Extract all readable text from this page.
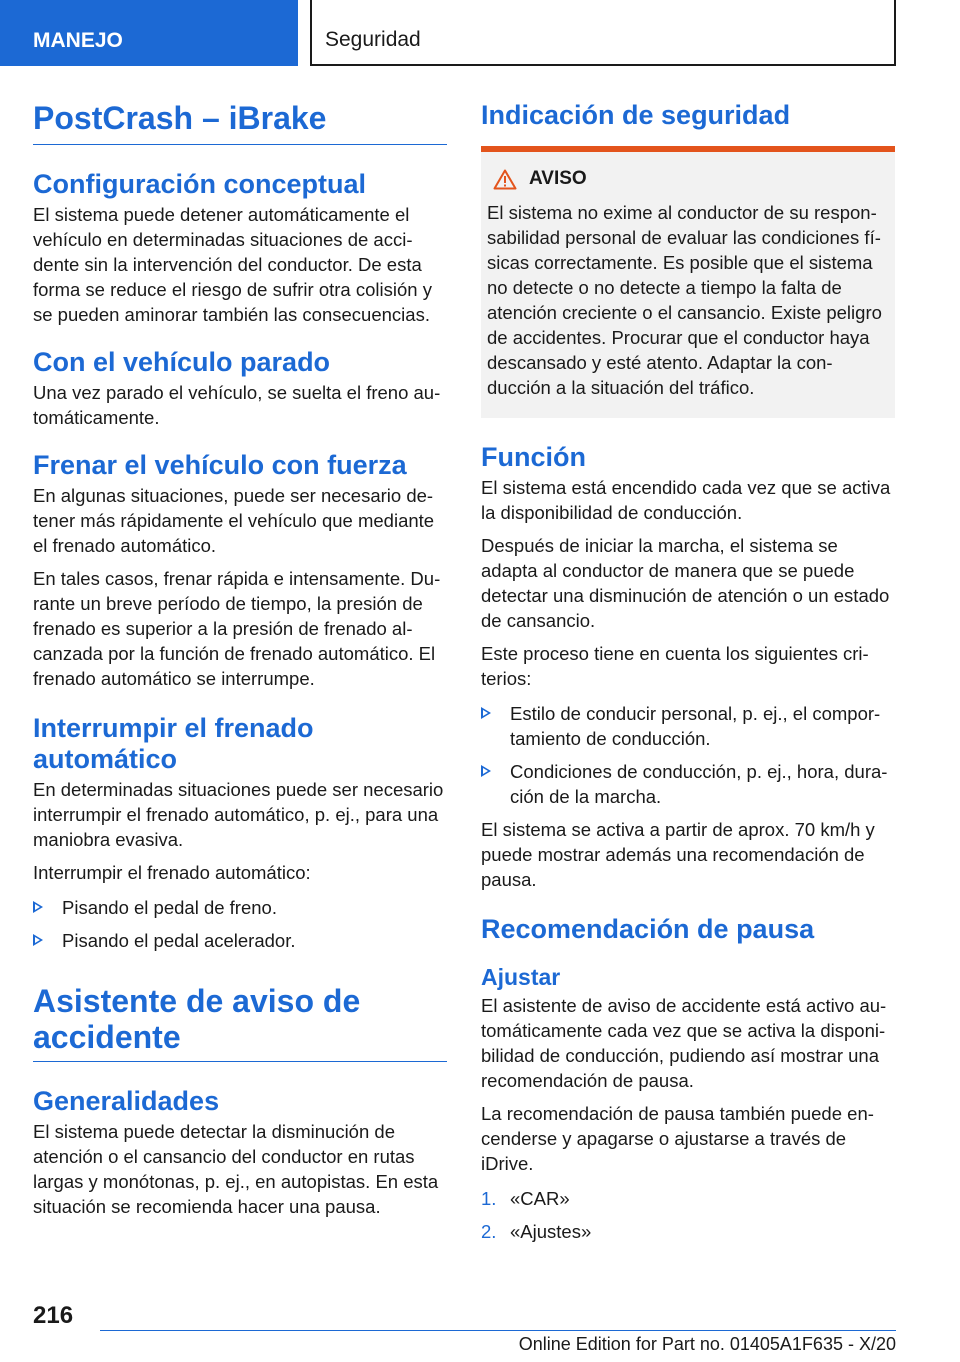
MANEJO	Seguridad
PostCrash – iBrake
Configuración conceptual

El sistema puede detener automáticamente el vehículo en determinadas situaciones de accidente sin la intervención del conductor. De esta forma se reduce el riesgo de sufrir otra colisión y se pueden aminorar también las consecuencias.

Con el vehículo parado

Una vez parado el vehículo, se suelta el freno automáticamente.

Frenar el vehículo con fuerza

En algunas situaciones, puede ser necesario detener más rápidamente el vehículo que mediante el frenado automático.

En tales casos, frenar rápida e intensamente. Durante un breve período de tiempo, la presión de frenado es superior a la presión de frenado alcanzada por la función de frenado automático. El frenado automático se interrumpe.

Interrumpir el frenado automático

En determinadas situaciones puede ser necesario interrumpir el frenado automático, p. ej., para una maniobra evasiva.

Interrumpir el frenado automático:

Pisando el pedal de freno.
Pisando el pedal acelerador.
Asistente de aviso de accidente
Generalidades

El sistema puede detectar la disminución de atención o el cansancio del conductor en rutas largas y monótonas, p. ej., en autopistas. En esta situación se recomienda hacer una pausa.

Indicación de seguridad
AVISO

El sistema no exime al conductor de su responsabilidad personal de evaluar las condiciones físicas correctamente. Es posible que el sistema no detecte o no detecte a tiempo la falta de atención creciente o el cansancio. Existe peligro de accidentes. Procurar que el conductor haya descansado y esté atento. Adaptar la conducción a la situación del tráfico.

Función

El sistema está encendido cada vez que se activa la disponibilidad de conducción.

Después de iniciar la marcha, el sistema se adapta al conductor de manera que se puede detectar una disminución de atención o un estado de cansancio.

Este proceso tiene en cuenta los siguientes criterios:

Estilo de conducir personal, p. ej., el comportamiento de conducción.
Condiciones de conducción, p. ej., hora, duración de la marcha.

El sistema se activa a partir de aprox. 70 km/h y puede mostrar además una recomendación de pausa.

Recomendación de pausa
Ajustar

El asistente de aviso de accidente está activo automáticamente cada vez que se activa la disponibilidad de conducción, pudiendo así mostrar una recomendación de pausa.

La recomendación de pausa también puede encenderse y apagarse o ajustarse a través de iDrive.

1. «CAR»
2. «Ajustes»
216
Online Edition for Part no. 01405A1F635 - X/20
